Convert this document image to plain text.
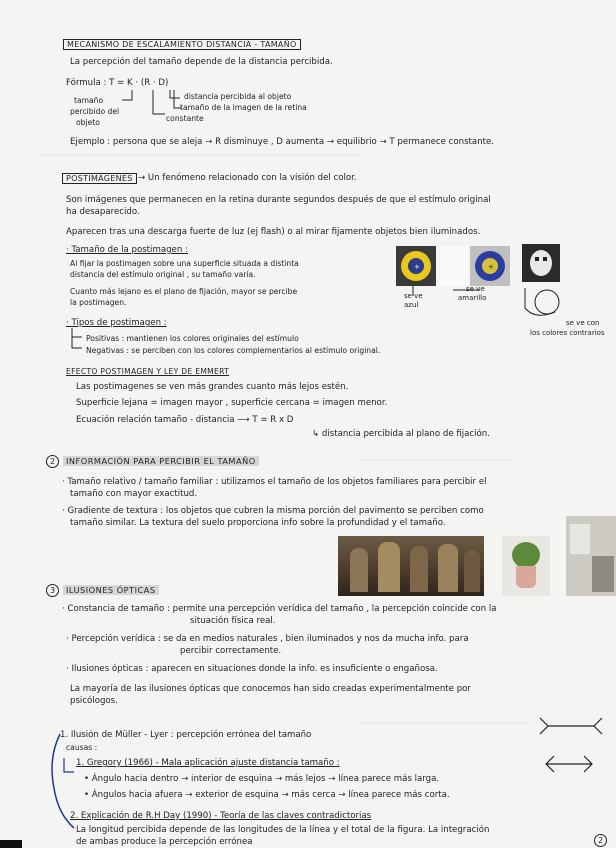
————————————————————————————————————————
———————————————————
—————————————————————
MECANISMO DE ESCALAMIENTO DISTANCIA - TAMAÑO
La percepción del tamaño depende de la distancia percibida.
Fórmula : T = K · (R · D)
tamaño
percibido del
objeto
distancia percibida al objeto
tamaño de la imagen de la retina
constante
Ejemplo : persona que se aleja → R disminuye , D aumenta → equilibrio → T permanece constante.
POSTIMÁGENES → Un fenómeno relacionado con la visión del color.
Son imágenes que permanecen en la retina durante segundos después de que el estímulo original
ha desaparecido.
Aparecen tras una descarga fuerte de luz (ej flash) o al mirar fijamente objetos bien iluminados.
· Tamaño de la postimagen :
Al fijar la postimagen sobre una superficie situada a distinta
distancia del estímulo original , su tamaño varía.
Cuanto más lejano es el plano de fijación, mayor se percibe
la postimagen.
+	+
se ve
azul
se ve
amarillo
se ve con
los colores contrarios
· Tipos de postimagen :
Positivas : mantienen los colores originales del estímulo
Negativas : se perciben con los colores complementarios al estímulo original.
EFECTO POSTIMAGEN Y LEY DE EMMERT
Las postimagenes se ven más grandes cuanto más lejos estén.
Superficie lejana = imagen mayor , superficie cercana = imagen menor.
Ecuación relación tamaño - distancia ⟶ T = R x D
↳ distancia percibida al plano de fijación.
2 INFORMACIÓN PARA PERCIBIR EL TAMAÑO
· Tamaño relativo / tamaño familiar : utilizamos el tamaño de los objetos familiares para percibir el
tamaño con mayor exactitud.
· Gradiente de textura : los objetos que cubren la misma porción del pavimento se perciben como
tamaño similar. La textura del suelo proporciona info sobre la profundidad y el tamaño.
3 ILUSIONES ÓPTICAS
· Constancia de tamaño : permite una percepción verídica del tamaño , la percepción coincide con la
situación física real.
· Percepción verídica : se da en medios naturales , bien iluminados y nos da mucha info. para
percibir correctamente.
· Ilusiones ópticas : aparecen en situaciones donde la info. es insuficiente o engañosa.
La mayoría de las ilusiones ópticas que conocemos han sido creadas experimentalmente por
psicólogos.
1. Ilusión de Müller - Lyer : percepción errónea del tamaño
causas :
1. Gregory (1966) - Mala aplicación ajuste distancia tamaño :
• Ángulo hacia dentro → interior de esquina → más lejos → línea parece más larga.
• Ángulos hacia afuera → exterior de esquina → más cerca → línea parece más corta.
2. Explicación de R.H Day (1990) - Teoría de las claves contradictorias
La longitud percibida depende de las longitudes de la línea y el total de la figura. La integración
de ambas produce la percepción errónea	2
